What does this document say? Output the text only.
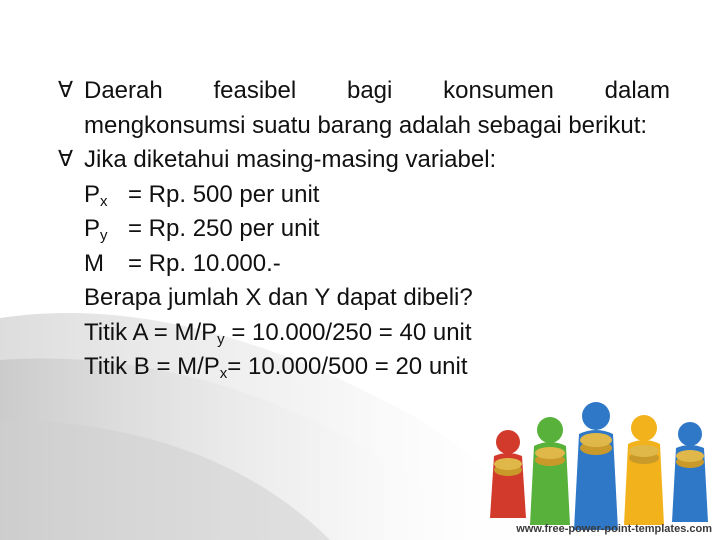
∀ Daerah feasibel bagi konsumen dalam
mengkonsumsi suatu barang adalah sebagai berikut:
∀ Jika diketahui masing-masing variabel:
$P_x = Rp$. 500 per unit
$P_y = Rp$. 250 per unit
M = Rp. 10.000.-
Berapa jumlah X dan Y dapat dibeli?
Titik $A = M/P_y = 10.000/250 = 40$ unit
Titik $B = M/P_x= 10.000/500 = 20$ unit
www.free-power-point-templates.com
